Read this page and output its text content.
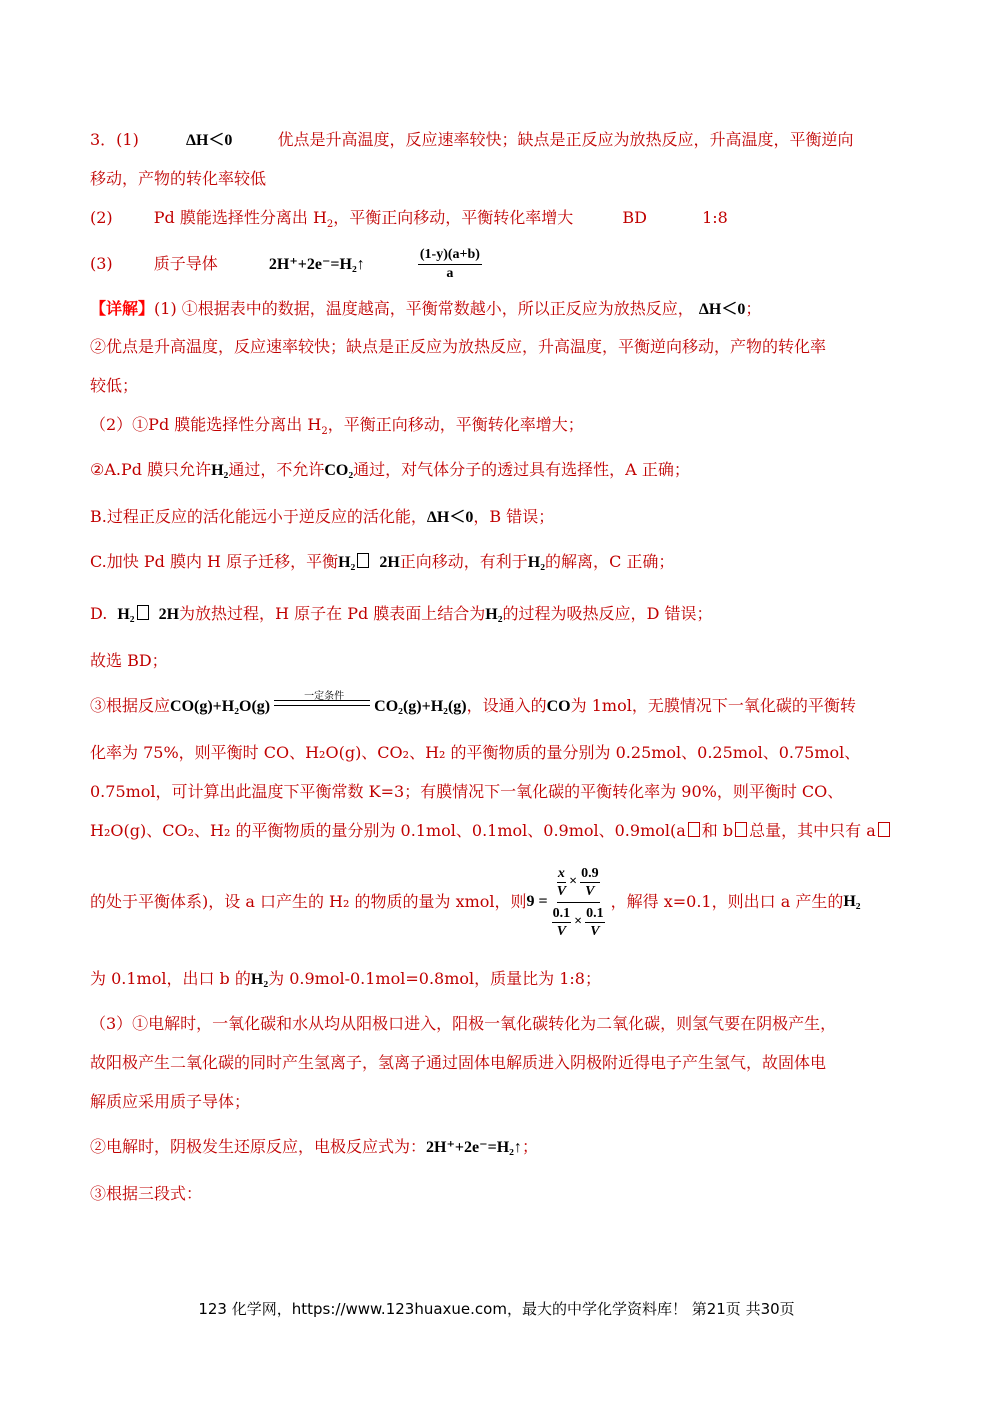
3．(1)	ΔH＜0	优点是升高温度，反应速率较快；缺点是正反应为放热反应，升高温度，平衡逆向
移动，产物的转化率较低
(2)	Pd 膜能选择性分离出 $H_2$，平衡正向移动，平衡转化率增大	BD	1:8
(3)	质子导体	2H⁺+2e⁻=H₂↑	$\frac{(1-y)(a+b)}{a}$
【详解】(1) ①根据表中的数据，温度越高，平衡常数越小，所以正反应为放热反应， ΔH＜0；
②优点是升高温度，反应速率较快；缺点是正反应为放热反应，升高温度，平衡逆向移动，产物的转化率
较低；
（2）①Pd 膜能选择性分离出 $H_2$，平衡正向移动，平衡转化率增大；
②A.Pd 膜只允许H₂通过，不允许CO₂通过，对气体分子的透过具有选择性，A 正确；
B.过程正反应的活化能远小于逆反应的活化能，ΔH＜0，B 错误；
C.加快 Pd 膜内 H 原子迁移，平衡H₂ 2H正向移动，有利于H₂的解离，C 正确；
D. H₂ 2H为放热过程，H 原子在 Pd 膜表面上结合为H₂的过程为吸热反应，D 错误；
故选 BD；
③根据反应CO(g)+H₂O(g)
一定条件
CO₂(g)+H₂(g)，设通入的CO为 1mol，无膜情况下一氧化碳的平衡转
化率为 75%，则平衡时 CO、H₂O(g)、CO₂、H₂ 的平衡物质的量分别为 0.25mol、0.25mol、0.75mol、
0.75mol，可计算出此温度下平衡常数 K=3；有膜情况下一氧化碳的平衡转化率为 90%，则平衡时 CO、
H₂O(g)、CO₂、H₂ 的平衡物质的量分别为 0.1mol、0.1mol、0.9mol、0.9mol(a 和 b 总量，其中只有 a
的处于平衡体系)，设 a 口产生的 H₂ 的物质的量为 xmol，则 $9 = \frac{\frac{x}{V} \times \frac{0.9}{V}}{\frac{0.1}{V} \times \frac{0.1}{V}}$ ，解得 x=0.1，则出口 a 产生的 H₂
为 0.1mol，出口 b 的H₂为 0.9mol-0.1mol=0.8mol，质量比为 1:8；
（3）①电解时，一氧化碳和水从均从阳极口进入，阳极一氧化碳转化为二氧化碳，则氢气要在阴极产生，
故阳极产生二氧化碳的同时产生氢离子，氢离子通过固体电解质进入阴极附近得电子产生氢气，故固体电
解质应采用质子导体；
②电解时，阴极发生还原反应，电极反应式为：2H⁺+2e⁻=H₂↑；
③根据三段式：
123 化学网，https://www.123huaxue.com，最大的中学化学资料库！ 第21页 共30页
